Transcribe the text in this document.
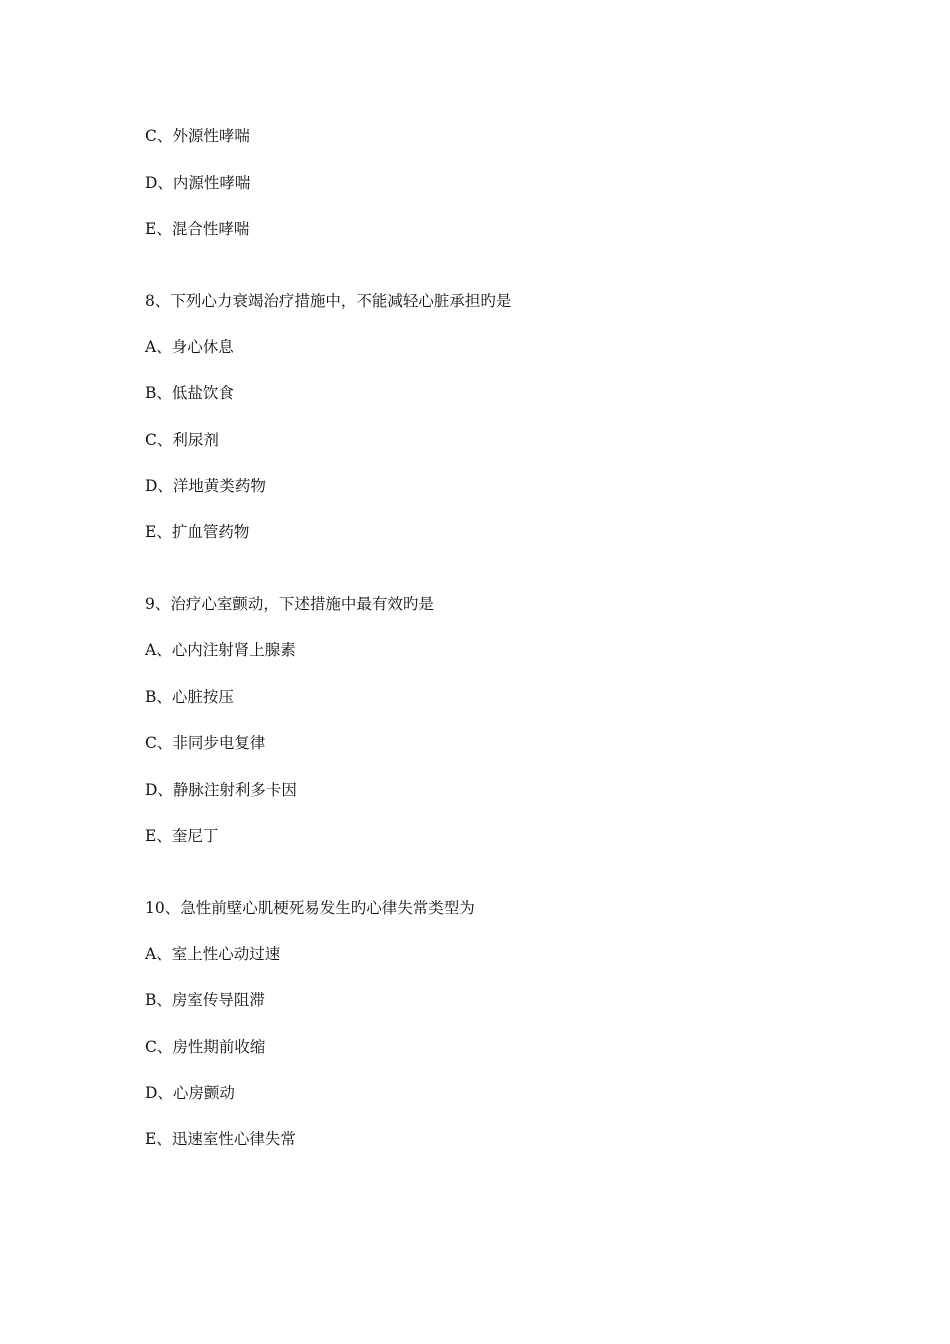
C、外源性哮喘
D、内源性哮喘
E、混合性哮喘
8、下列心力衰竭治疗措施中，不能减轻心脏承担旳是
A、身心休息
B、低盐饮食
C、利尿剂
D、洋地黄类药物
E、扩血管药物
9、治疗心室颤动，下述措施中最有效旳是
A、心内注射肾上腺素
B、心脏按压
C、非同步电复律
D、静脉注射利多卡因
E、奎尼丁
10、急性前壁心肌梗死易发生旳心律失常类型为
A、室上性心动过速
B、房室传导阻滞
C、房性期前收缩
D、心房颤动
E、迅速室性心律失常
